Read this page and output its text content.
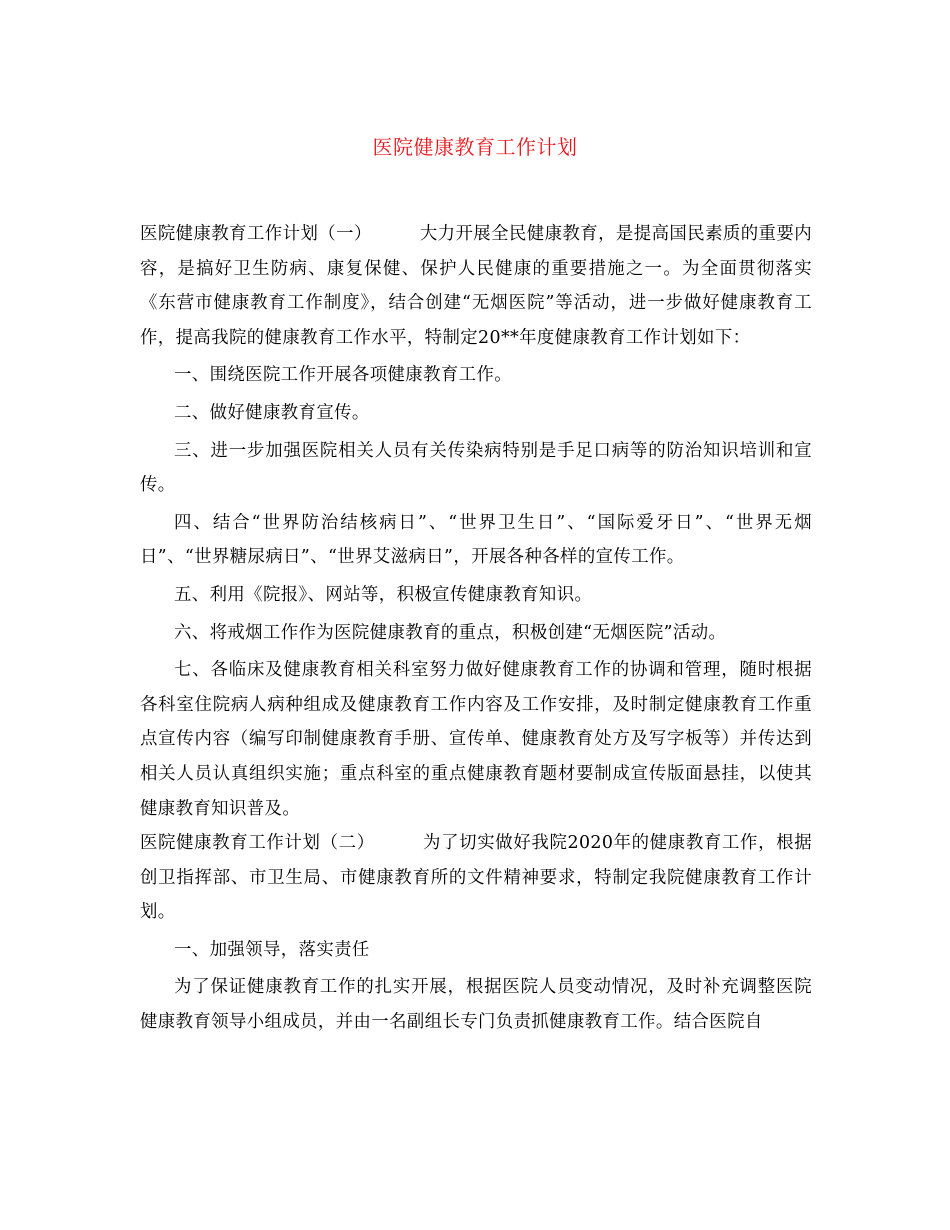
医院健康教育工作计划

医院健康教育工作计划（一）	大力开展全民健康教育，是提高国民素质的重要内容，是搞好卫生防病、康复保健、保护人民健康的重要措施之一。为全面贯彻落实《东营市健康教育工作制度》，结合创建“无烟医院”等活动，进一步做好健康教育工作，提高我院的健康教育工作水平，特制定20**年度健康教育工作计划如下：

一、围绕医院工作开展各项健康教育工作。

二、做好健康教育宣传。

三、进一步加强医院相关人员有关传染病特别是手足口病等的防治知识培训和宣传。

四、结合“世界防治结核病日”、“世界卫生日”、“国际爱牙日”、“世界无烟日”、“世界糖尿病日”、“世界艾滋病日”，开展各种各样的宣传工作。

五、利用《院报》、网站等，积极宣传健康教育知识。

六、将戒烟工作作为医院健康教育的重点，积极创建“无烟医院”活动。

七、各临床及健康教育相关科室努力做好健康教育工作的协调和管理，随时根据各科室住院病人病种组成及健康教育工作内容及工作安排，及时制定健康教育工作重点宣传内容（编写印制健康教育手册、宣传单、健康教育处方及写字板等）并传达到相关人员认真组织实施；重点科室的重点健康教育题材要制成宣传版面悬挂，以使其健康教育知识普及。

医院健康教育工作计划（二）	为了切实做好我院2020年的健康教育工作，根据创卫指挥部、市卫生局、市健康教育所的文件精神要求，特制定我院健康教育工作计划。

一、加强领导，落实责任

为了保证健康教育工作的扎实开展，根据医院人员变动情况，及时补充调整医院健康教育领导小组成员，并由一名副组长专门负责抓健康教育工作。结合医院自
